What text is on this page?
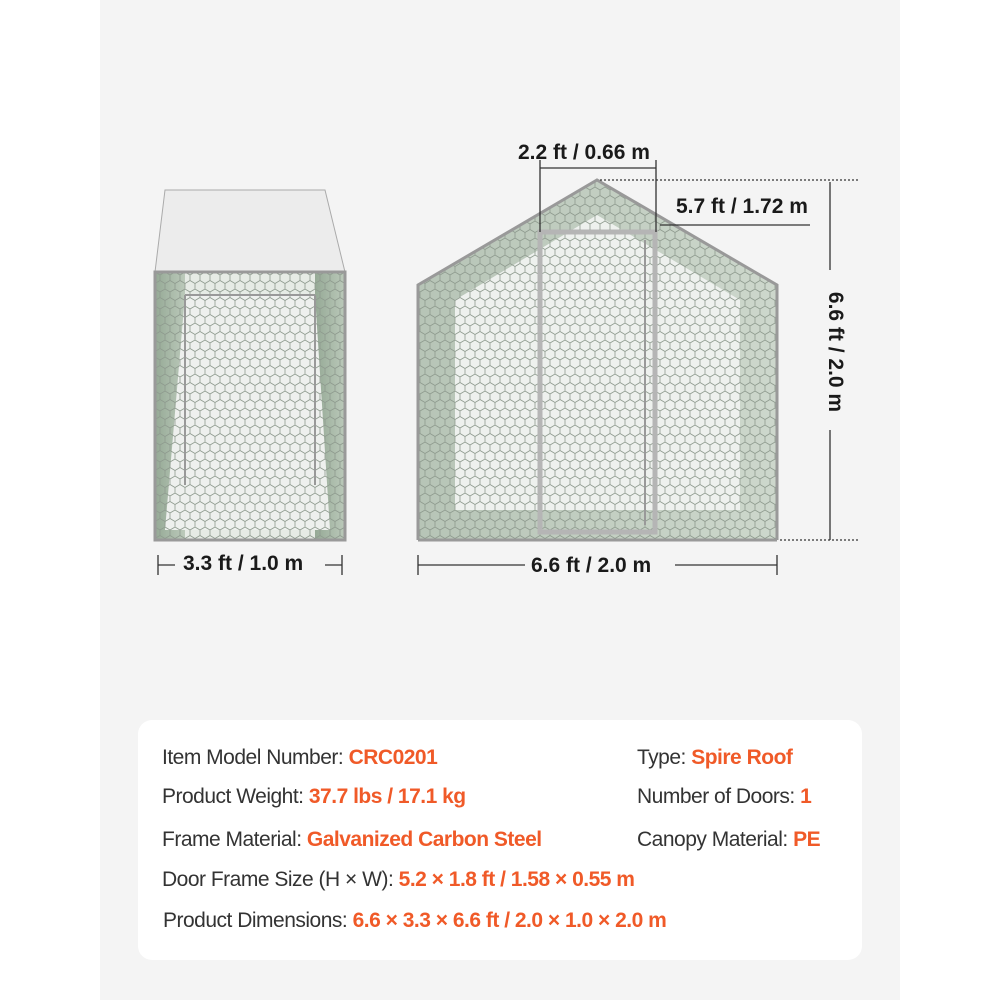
3.3 ft / 1.0 m	6.6 ft / 2.0 m
2.2 ft / 0.66 m
5.7 ft / 1.72 m
6.6 ft / 2.0 m
Item Model Number: CRC0201	Type: Spire Roof
Product Weight: 37.7 lbs / 17.1 kg	Number of Doors: 1
Frame Material: Galvanized Carbon Steel	Canopy Material: PE
Door Frame Size (H × W): 5.2 × 1.8 ft / 1.58 × 0.55 m
Product Dimensions: 6.6 × 3.3 × 6.6 ft / 2.0 × 1.0 × 2.0 m
